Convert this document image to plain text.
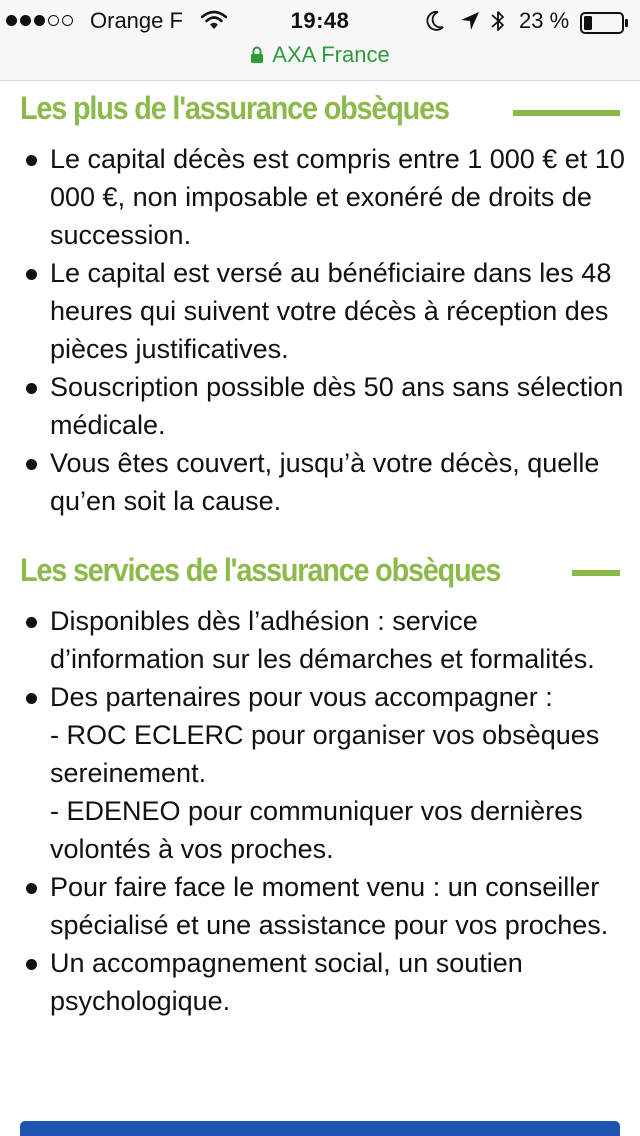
Orange F	19:48	23 %
AXA France
Les plus de l'assurance obsèques
Le capital décès est compris entre 1 000 € et 10 000 €, non imposable et exonéré de droits de succession.
Le capital est versé au bénéficiaire dans les 48 heures qui suivent votre décès à réception des pièces justificatives.
Souscription possible dès 50 ans sans sélection médicale.
Vous êtes couvert, jusqu’à votre décès, quelle qu’en soit la cause.
Les services de l'assurance obsèques
Disponibles dès l’adhésion : service d’information sur les démarches et formalités.
Des partenaires pour vous accompagner :
- ROC ECLERC pour organiser vos obsèques sereinement.
- EDENEO pour communiquer vos dernières volontés à vos proches.
Pour faire face le moment venu : un conseiller spécialisé et une assistance pour vos proches.
Un accompagnement social, un soutien psychologique.
